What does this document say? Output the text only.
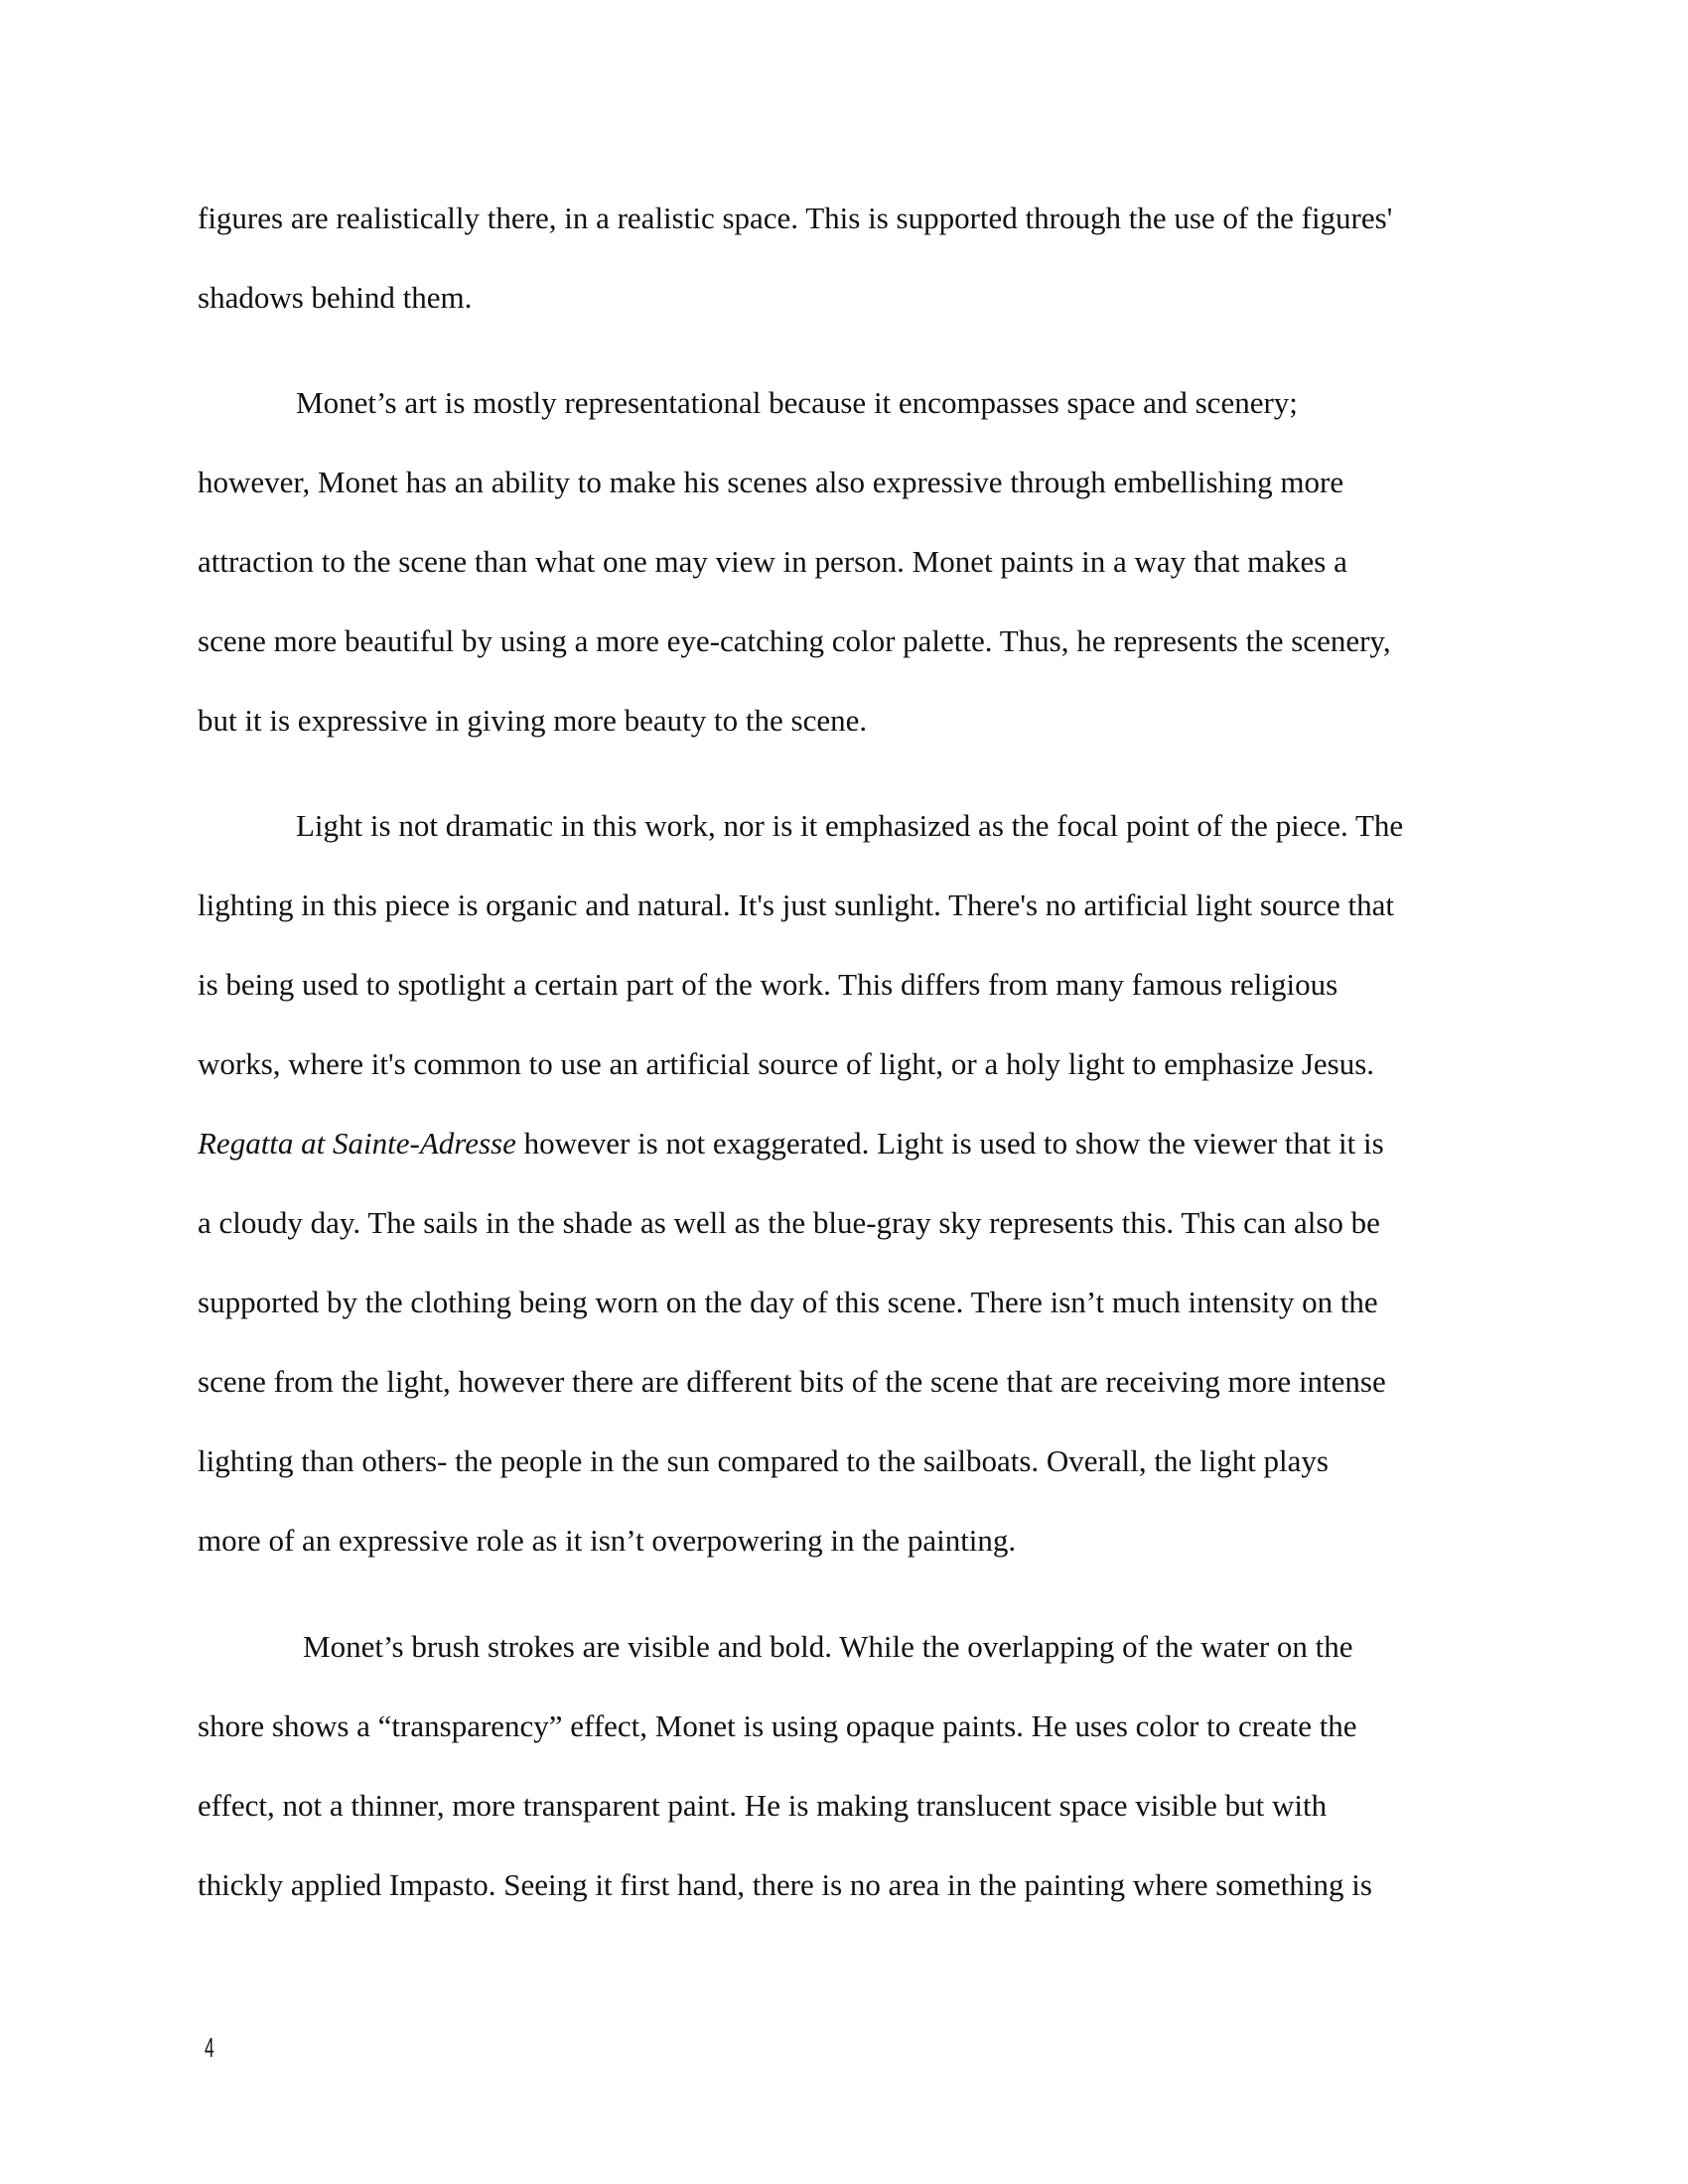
figures are realistically there, in a realistic space. This is supported through the use of the figures'

shadows behind them.

Monet’s art is mostly representational because it encompasses space and scenery;

however, Monet has an ability to make his scenes also expressive through embellishing more

attraction to the scene than what one may view in person. Monet paints in a way that makes a

scene more beautiful by using a more eye-catching color palette. Thus, he represents the scenery,

but it is expressive in giving more beauty to the scene.

Light is not dramatic in this work, nor is it emphasized as the focal point of the piece. The

lighting in this piece is organic and natural. It's just sunlight. There's no artificial light source that

is being used to spotlight a certain part of the work. This differs from many famous religious

works, where it's common to use an artificial source of light, or a holy light to emphasize Jesus.

Regatta at Sainte-Adresse however is not exaggerated. Light is used to show the viewer that it is

a cloudy day. The sails in the shade as well as the blue-gray sky represents this. This can also be

supported by the clothing being worn on the day of this scene. There isn’t much intensity on the

scene from the light, however there are different bits of the scene that are receiving more intense

lighting than others- the people in the sun compared to the sailboats. Overall, the light plays

more of an expressive role as it isn’t overpowering in the painting.

Monet’s brush strokes are visible and bold. While the overlapping of the water on the

shore shows a “transparency” effect, Monet is using opaque paints. He uses color to create the

effect, not a thinner, more transparent paint. He is making translucent space visible but with

thickly applied Impasto. Seeing it first hand, there is no area in the painting where something is

4
